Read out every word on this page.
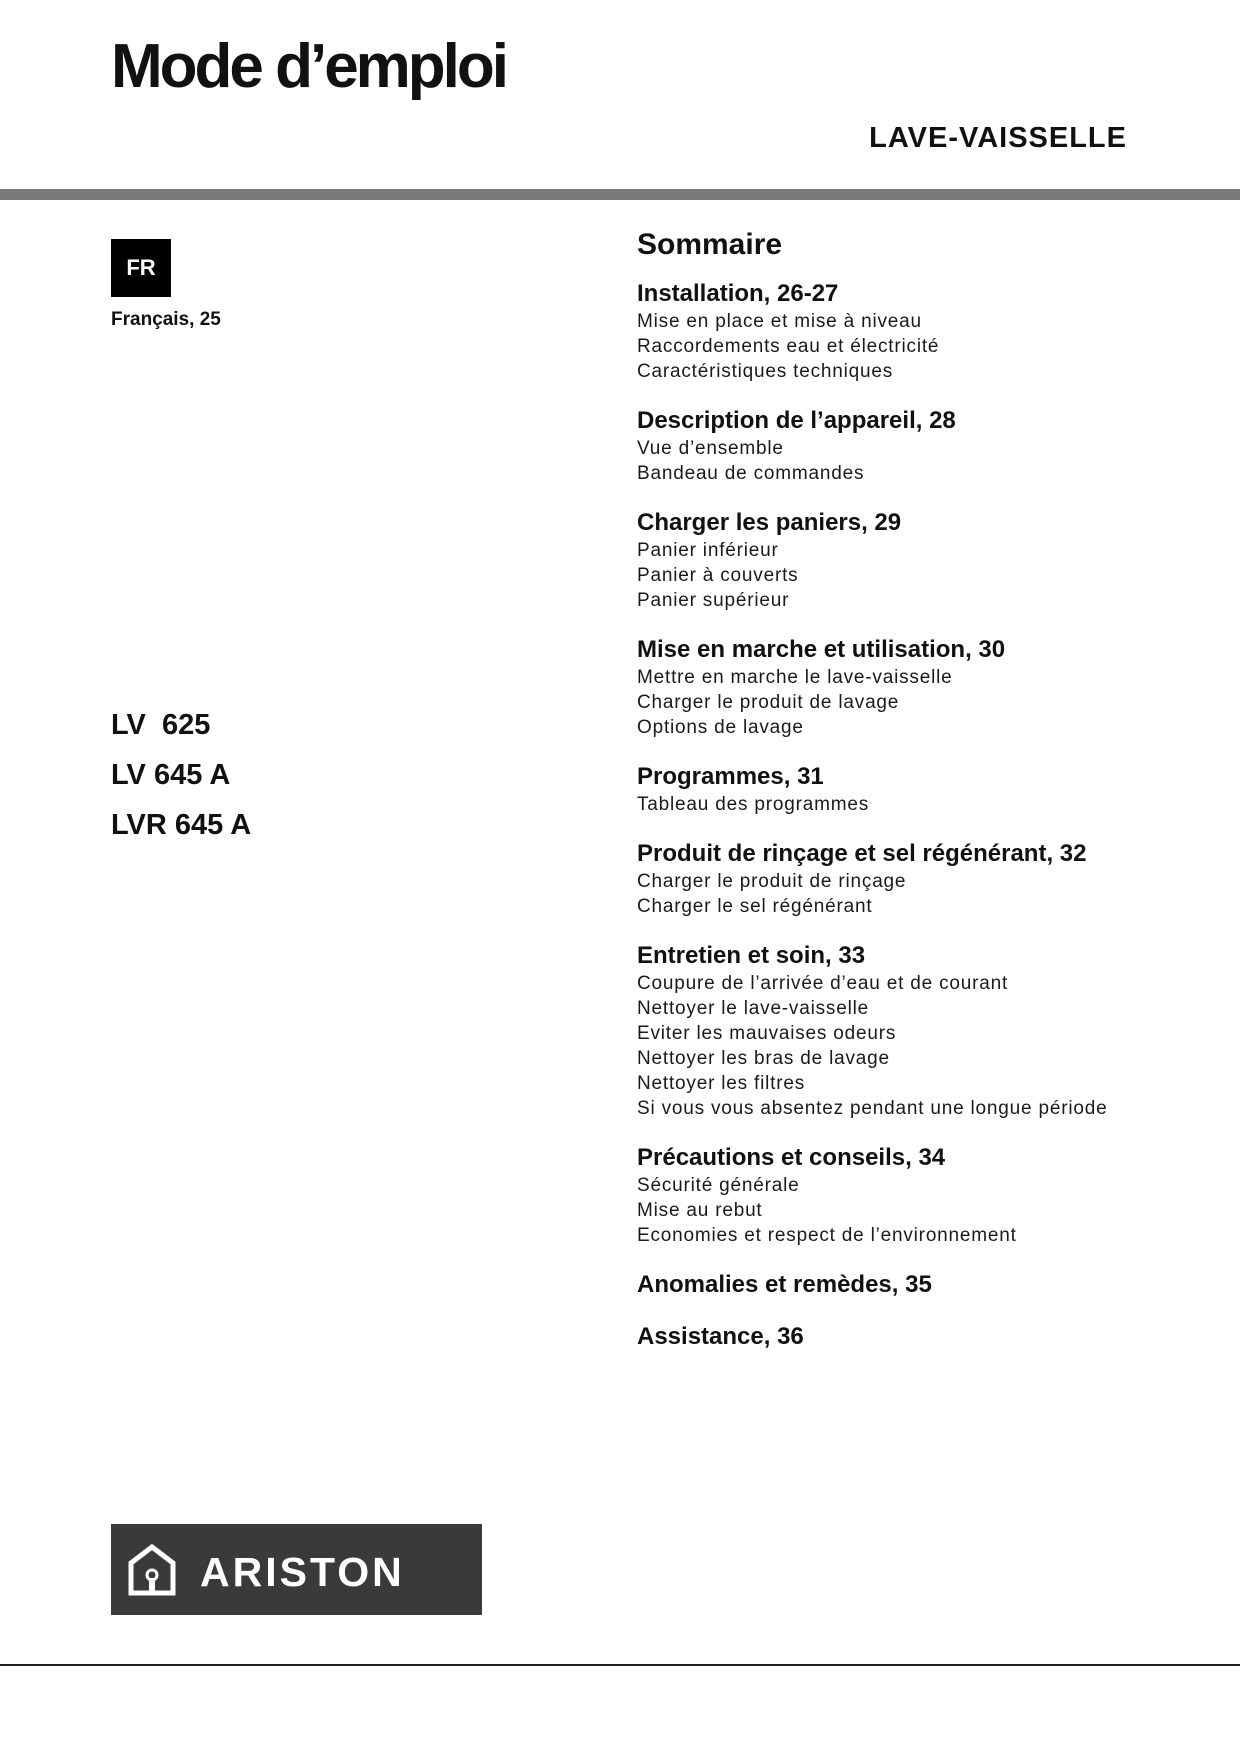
Mode d’emploi
LAVE-VAISSELLE
FR
Français, 25
LV  625
LV 645 A
LVR 645 A
Sommaire
Installation, 26-27
Mise en place et mise à niveau
Raccordements eau et électricité
Caractéristiques techniques
Description de l’appareil, 28
Vue d’ensemble
Bandeau de commandes
Charger les paniers, 29
Panier inférieur
Panier à couverts
Panier supérieur
Mise en marche et utilisation, 30
Mettre en marche le lave-vaisselle
Charger le produit de lavage
Options de lavage
Programmes, 31
Tableau des programmes
Produit de rinçage et sel régénérant, 32
Charger le produit de rinçage
Charger le sel régénérant
Entretien et soin, 33
Coupure de l’arrivée d’eau et de courant
Nettoyer le lave-vaisselle
Eviter les mauvaises odeurs
Nettoyer les bras de lavage
Nettoyer les filtres
Si vous vous absentez pendant une longue période
Précautions et conseils, 34
Sécurité générale
Mise au rebut
Economies et respect de l’environnement
Anomalies et remèdes, 35
Assistance, 36
ARISTON
